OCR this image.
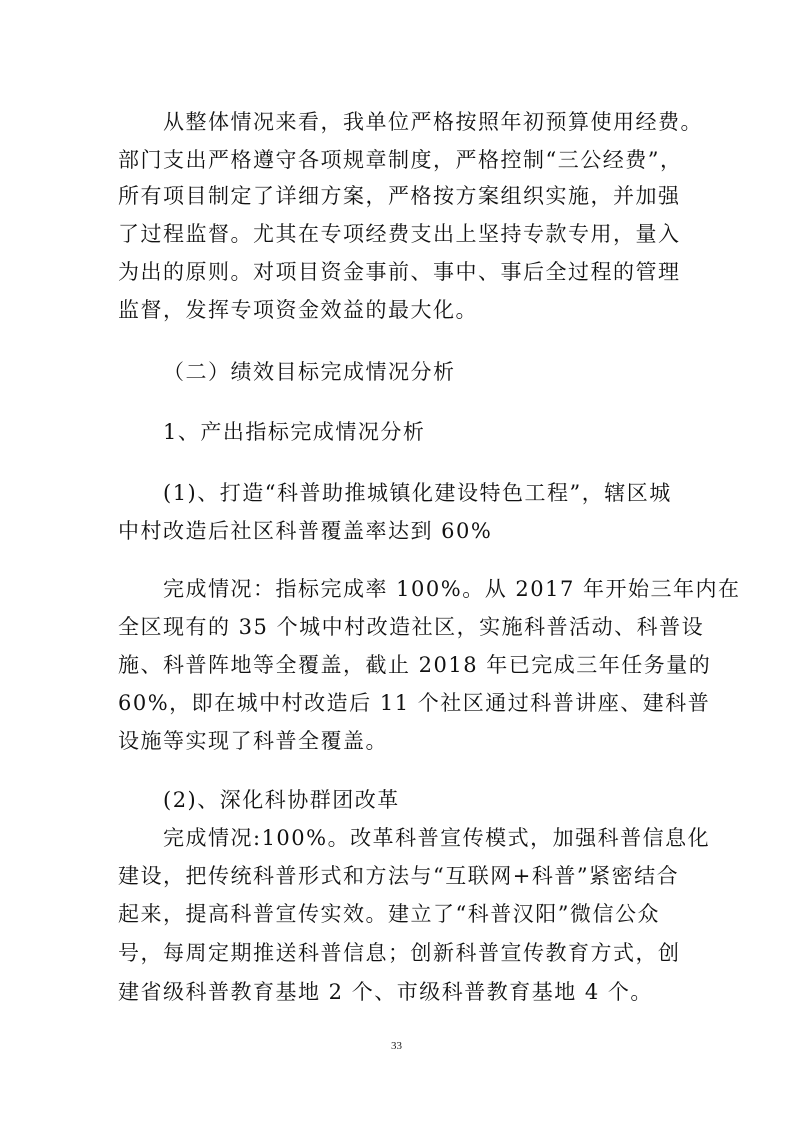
从整体情况来看，我单位严格按照年初预算使用经费。
部门支出严格遵守各项规章制度，严格控制“三公经费”，
所有项目制定了详细方案，严格按方案组织实施，并加强
了过程监督。尤其在专项经费支出上坚持专款专用，量入
为出的原则。对项目资金事前、事中、事后全过程的管理
监督，发挥专项资金效益的最大化。
（二）绩效目标完成情况分析
1、产出指标完成情况分析
(1)、打造“科普助推城镇化建设特色工程”，辖区城
中村改造后社区科普覆盖率达到 60%
完成情况：指标完成率 100%。从 2017 年开始三年内在
全区现有的 35 个城中村改造社区，实施科普活动、科普设
施、科普阵地等全覆盖，截止 2018 年已完成三年任务量的
60%，即在城中村改造后 11 个社区通过科普讲座、建科普
设施等实现了科普全覆盖。
(2)、深化科协群团改革
完成情况:100%。改革科普宣传模式，加强科普信息化
建设，把传统科普形式和方法与“互联网+科普”紧密结合
起来，提高科普宣传实效。建立了“科普汉阳”微信公众
号，每周定期推送科普信息；创新科普宣传教育方式，创
建省级科普教育基地 2 个、市级科普教育基地 4 个。
33
